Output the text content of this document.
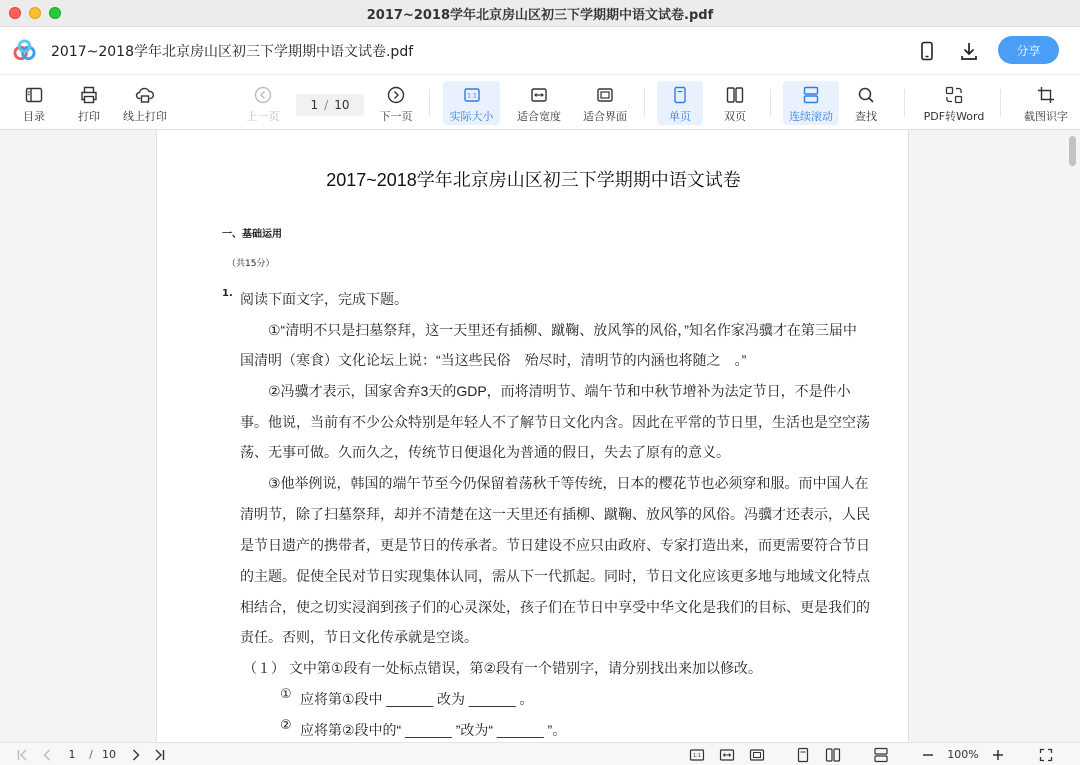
2017~2018学年北京房山区初三下学期期中语文试卷.pdf
2017~2018学年北京房山区初三下学期期中语文试卷.pdf	分享
目录	打印 线上打印	上一页
1 / 10
下一页
1:1
实际大小 适合宽度 适合界面	单页	双页	连续滚动 查找	PDF转Word	截图识字
2017~2018学年北京房山区初三下学期期中语文试卷
一、基础运用
（共15分）
1. 阅读下面文字，完成下题。
①“清明不只是扫墓祭拜，这一天里还有插柳、蹴鞠、放风筝的风俗，”知名作家冯骥才在第三届中
国清明（寒食）文化论坛上说：“当这些民俗　殆尽时，清明节的内涵也将随之　。”
②冯骥才表示，国家舍弃3天的GDP，而将清明节、端午节和中秋节增补为法定节日，不是件小
事。他说，当前有不少公众特别是年轻人不了解节日文化内含。因此在平常的节日里，生活也是空空荡
荡、无事可做。久而久之，传统节日便退化为普通的假日，失去了原有的意义。
③他举例说，韩国的端午节至今仍保留着荡秋千等传统，日本的樱花节也必须穿和服。而中国人在
清明节，除了扫墓祭拜，却并不清楚在这一天里还有插柳、蹴鞠、放风筝的风俗。冯骥才还表示，人民
是节日遗产的携带者，更是节日的传承者。节日建设不应只由政府、专家打造出来，而更需要符合节日
的主题。促使全民对节日实现集体认同，需从下一代抓起。同时，节日文化应该更多地与地域文化特点
相结合，使之切实浸润到孩子们的心灵深处，孩子们在节日中享受中华文化是我们的目标、更是我们的
责任。否则，节日文化传承就是空谈。
（１） 文中第①段有一处标点错误，第②段有一个错别字，请分别找出来加以修改。
① 应将第①段中 ______ 改为 ______ 。
② 应将第②段中的“ ______ ”改为“ ______ ”。
1	/ 10	1:1	100%
